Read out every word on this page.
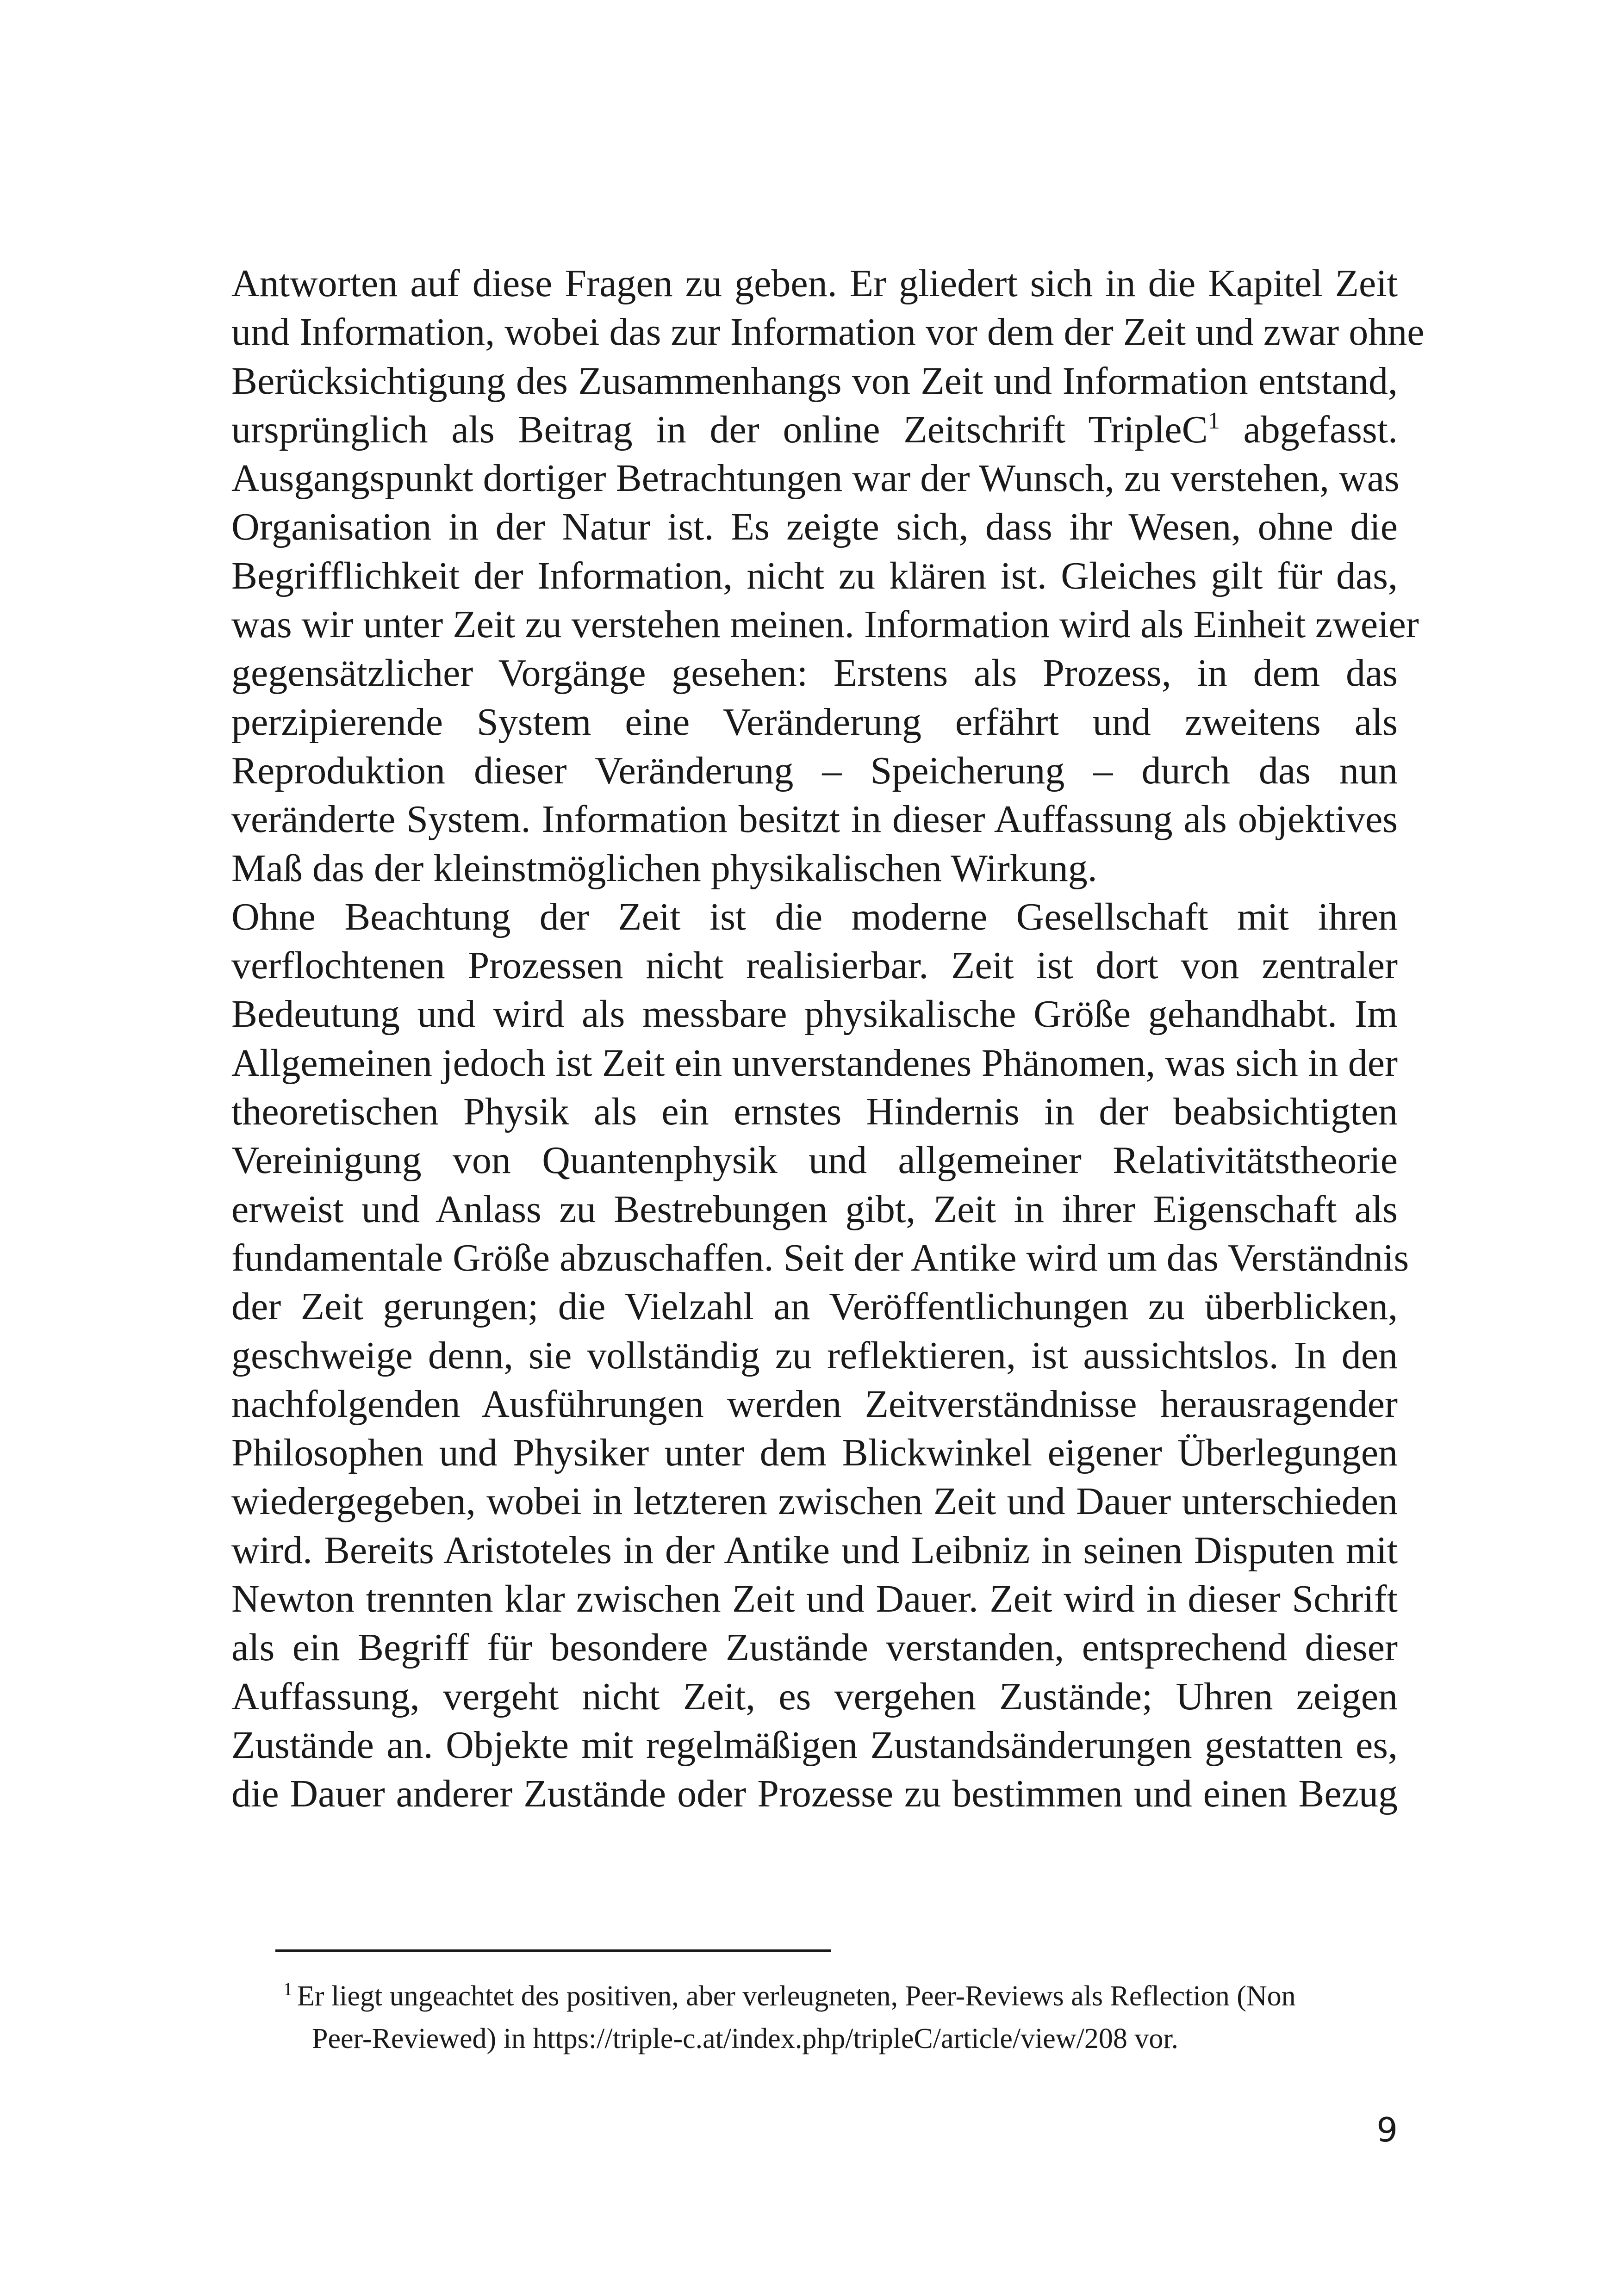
Antworten auf diese Fragen zu geben. Er gliedert sich in die Kapitel Zeit
und Information, wobei das zur Information vor dem der Zeit und zwar ohne
Berücksichtigung des Zusammenhangs von Zeit und Information entstand,
ursprünglich als Beitrag in der online Zeitschrift TripleC$^1$ abgefasst.
Ausgangspunkt dortiger Betrachtungen war der Wunsch, zu verstehen, was
Organisation in der Natur ist. Es zeigte sich, dass ihr Wesen, ohne die
Begrifflichkeit der Information, nicht zu klären ist. Gleiches gilt für das,
was wir unter Zeit zu verstehen meinen. Information wird als Einheit zweier
gegensätzlicher Vorgänge gesehen: Erstens als Prozess, in dem das
perzipierende System eine Veränderung erfährt und zweitens als
Reproduktion dieser Veränderung – Speicherung – durch das nun
veränderte System. Information besitzt in dieser Auffassung als objektives
Maß das der kleinstmöglichen physikalischen Wirkung.
Ohne Beachtung der Zeit ist die moderne Gesellschaft mit ihren
verflochtenen Prozessen nicht realisierbar. Zeit ist dort von zentraler
Bedeutung und wird als messbare physikalische Größe gehandhabt. Im
Allgemeinen jedoch ist Zeit ein unverstandenes Phänomen, was sich in der
theoretischen Physik als ein ernstes Hindernis in der beabsichtigten
Vereinigung von Quantenphysik und allgemeiner Relativitätstheorie
erweist und Anlass zu Bestrebungen gibt, Zeit in ihrer Eigenschaft als
fundamentale Größe abzuschaffen. Seit der Antike wird um das Verständnis
der Zeit gerungen; die Vielzahl an Veröffentlichungen zu überblicken,
geschweige denn, sie vollständig zu reflektieren, ist aussichtslos. In den
nachfolgenden Ausführungen werden Zeitverständnisse herausragender
Philosophen und Physiker unter dem Blickwinkel eigener Überlegungen
wiedergegeben, wobei in letzteren zwischen Zeit und Dauer unterschieden
wird. Bereits Aristoteles in der Antike und Leibniz in seinen Disputen mit
Newton trennten klar zwischen Zeit und Dauer. Zeit wird in dieser Schrift
als ein Begriff für besondere Zustände verstanden, entsprechend dieser
Auffassung, vergeht nicht Zeit, es vergehen Zustände; Uhren zeigen
Zustände an. Objekte mit regelmäßigen Zustandsänderungen gestatten es,
die Dauer anderer Zustände oder Prozesse zu bestimmen und einen Bezug
$^1$ Er liegt ungeachtet des positiven, aber verleugneten, Peer-Reviews als Reflection (Non
Peer-Reviewed) in https://triple-c.at/index.php/tripleC/article/view/208 vor.
9
